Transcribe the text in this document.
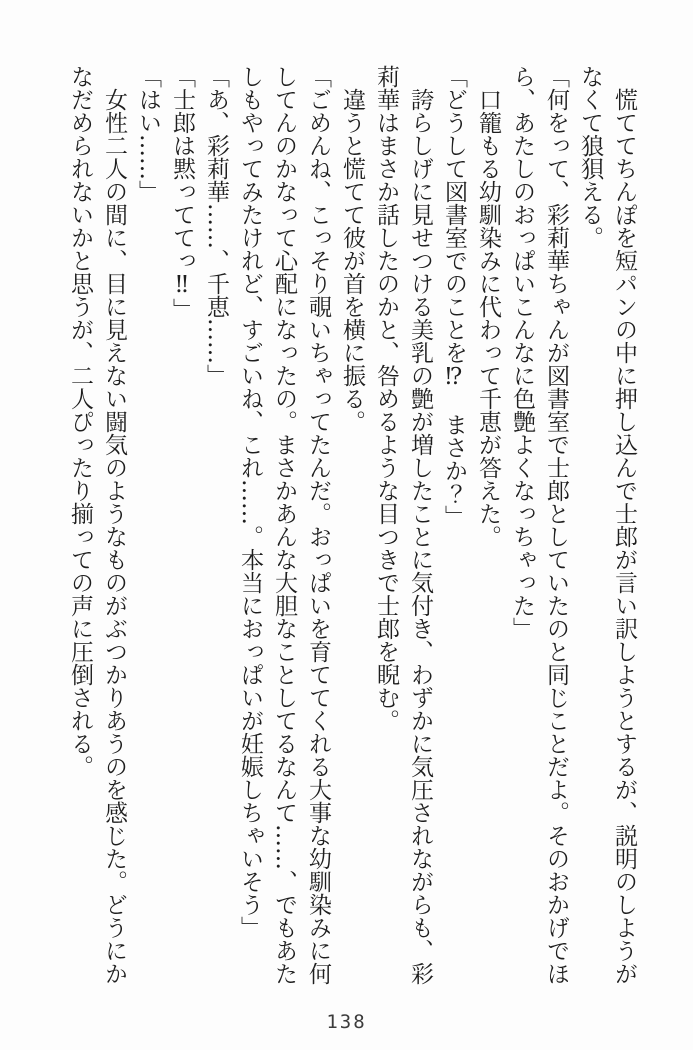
慌ててちんぽを短パンの中に押し込んで士郎が言い訳しようとするが、説明のしようがなくて狼狽える。

「何をって、彩莉華ちゃんが図書室で士郎としていたのと同じことだよ。そのおかげでほら、あたしのおっぱいこんなに色艶よくなっちゃった」

口籠もる幼馴染みに代わって千恵が答えた。

「どうして図書室でのことを⁉　まさか？」

誇らしげに見せつける美乳の艶が増したことに気付き、わずかに気圧されながらも、彩莉華はまさか話したのかと、咎めるような目つきで士郎を睨む。

違うと慌てて彼が首を横に振る。

「ごめんね、こっそり覗いちゃってたんだ。おっぱいを育ててくれる大事な幼馴染みに何してんのかなって心配になったの。まさかあんな大胆なことしてるなんて……、でもあたしもやってみたけれど、すごいね、これ……。本当におっぱいが妊娠しちゃいそう」

「あ、彩莉華……、千恵……」

「士郎は黙っててっ‼」

「はい……」

女性二人の間に、目に見えない闘気のようなものがぶつかりあうのを感じた。どうにかなだめられないかと思うが、二人ぴったり揃っての声に圧倒される。

138
